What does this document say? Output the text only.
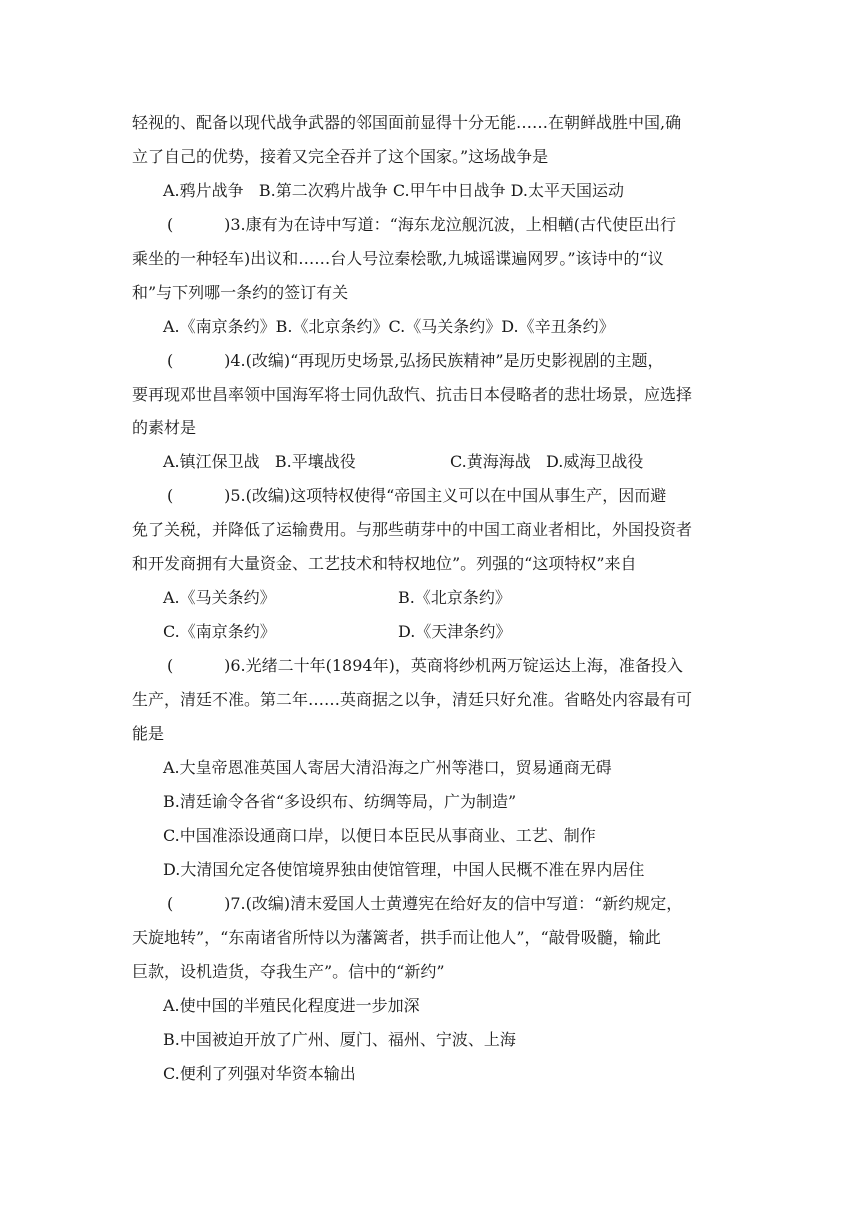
轻视的、配备以现代战争武器的邻国面前显得十分无能……在朝鲜战胜中国,确
立了自己的优势，接着又完全吞并了这个国家。”这场战争是
A.鸦片战争   B.第二次鸦片战争 C.甲午中日战争 D.太平天国运动
(          )3.康有为在诗中写道：“海东龙泣舰沉波，上相輶(古代使臣出行
乘坐的一种轻车)出议和……台人号泣秦桧歌,九城谣谍遍网罗。”该诗中的“议
和”与下列哪一条约的签订有关
A.《南京条约》B.《北京条约》C.《马关条约》D.《辛丑条约》
(          )4.(改编)“再现历史场景,弘扬民族精神”是历史影视剧的主题，
要再现邓世昌率领中国海军将士同仇敌忾、抗击日本侵略者的悲壮场景，应选择
的素材是
A.镇江保卫战   B.平壤战役	C.黄海海战   D.威海卫战役
(          )5.(改编)这项特权使得“帝国主义可以在中国从事生产，因而避
免了关税，并降低了运输费用。与那些萌芽中的中国工商业者相比，外国投资者
和开发商拥有大量资金、工艺技术和特权地位”。列强的“这项特权”来自
A.《马关条约》	B.《北京条约》
C.《南京条约》	D.《天津条约》
(          )6.光绪二十年(1894年)，英商将纱机两万锭运达上海，准备投入
生产，清廷不准。第二年……英商据之以争，清廷只好允准。省略处内容最有可
能是
A.大皇帝恩准英国人寄居大清沿海之广州等港口，贸易通商无碍
B.清廷谕令各省“多设织布、纺绸等局，广为制造”
C.中国准添设通商口岸，以便日本臣民从事商业、工艺、制作
D.大清国允定各使馆境界独由使馆管理，中国人民概不准在界内居住
(          )7.(改编)清末爱国人士黄遵宪在给好友的信中写道：“新约规定，
天旋地转”，“东南诸省所恃以为藩篱者，拱手而让他人”，“敲骨吸髓，输此
巨款，设机造货，夺我生产”。信中的“新约”
A.使中国的半殖民化程度进一步加深
B.中国被迫开放了广州、厦门、福州、宁波、上海
C.便利了列强对华资本输出
